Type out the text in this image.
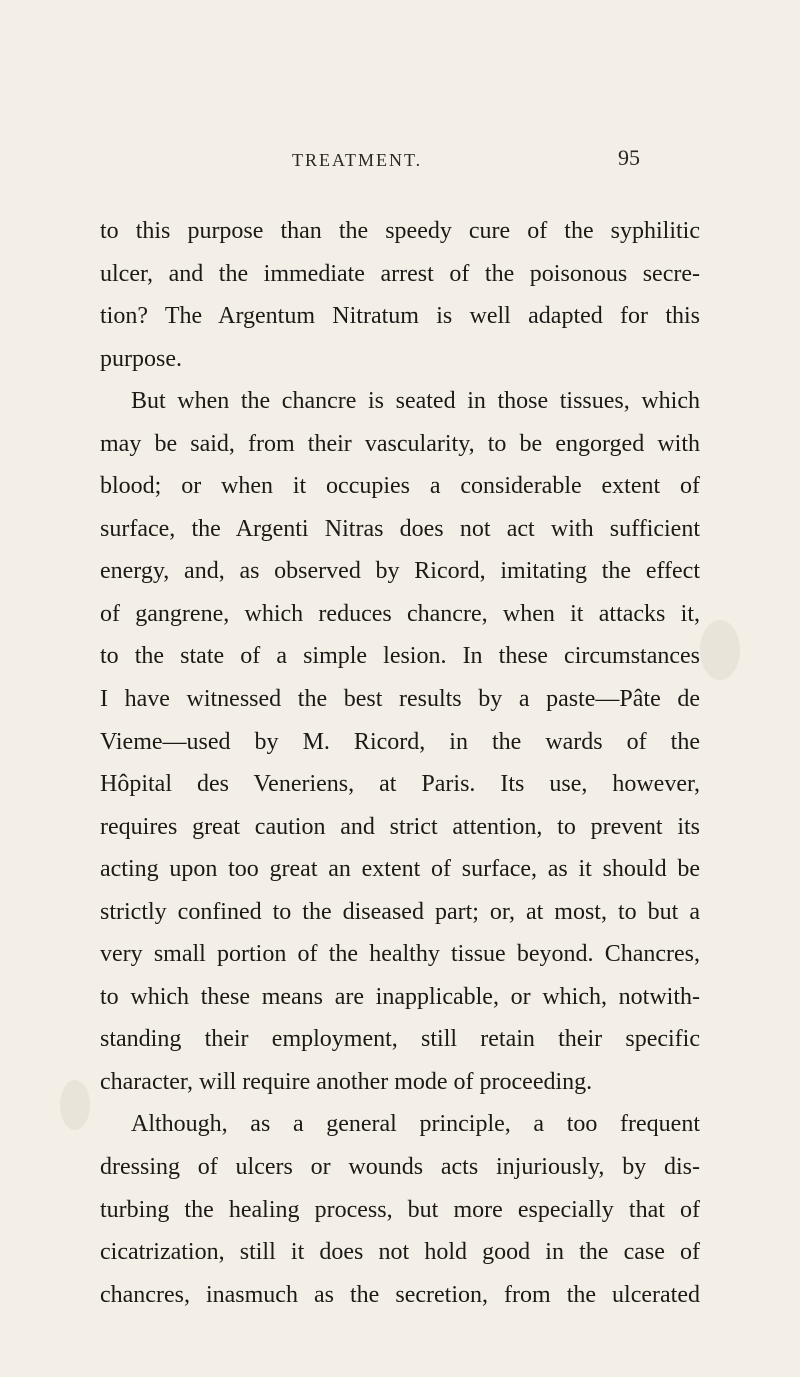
TREATMENT.	95
to this purpose than the speedy cure of the syphilitic
ulcer, and the immediate arrest of the poisonous secre-
tion? The Argentum Nitratum is well adapted for this
purpose.
But when the chancre is seated in those tissues, which
may be said, from their vascularity, to be engorged with
blood; or when it occupies a considerable extent of
surface, the Argenti Nitras does not act with sufficient
energy, and, as observed by Ricord, imitating the effect
of gangrene, which reduces chancre, when it attacks it,
to the state of a simple lesion. In these circumstances
I have witnessed the best results by a paste—Pâte de
Vieme—used by M. Ricord, in the wards of the
Hôpital des Veneriens, at Paris. Its use, however,
requires great caution and strict attention, to prevent its
acting upon too great an extent of surface, as it should be
strictly confined to the diseased part; or, at most, to but a
very small portion of the healthy tissue beyond. Chancres,
to which these means are inapplicable, or which, notwith-
standing their employment, still retain their specific
character, will require another mode of proceeding.
Although, as a general principle, a too frequent
dressing of ulcers or wounds acts injuriously, by dis-
turbing the healing process, but more especially that of
cicatrization, still it does not hold good in the case of
chancres, inasmuch as the secretion, from the ulcerated
